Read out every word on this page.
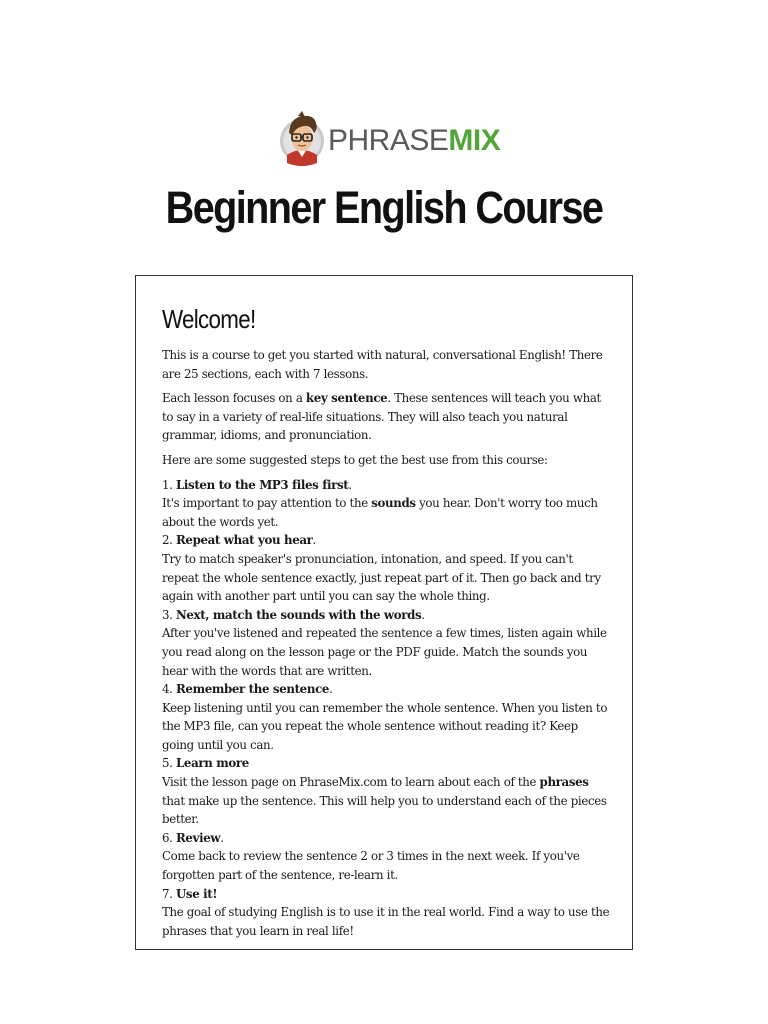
PHRASEMIX
Beginner English Course
Welcome!

This is a course to get you started with natural, conversational English! There are 25 sections, each with 7 lessons.

Each lesson focuses on a key sentence. These sentences will teach you what to say in a variety of real-life situations. They will also teach you natural grammar, idioms, and pronunciation.

Here are some suggested steps to get the best use from this course:

1. Listen to the MP3 files first.

It's important to pay attention to the sounds you hear. Don't worry too much about the words yet.

2. Repeat what you hear.

Try to match speaker's pronunciation, intonation, and speed. If you can't repeat the whole sentence exactly, just repeat part of it. Then go back and try again with another part until you can say the whole thing.

3. Next, match the sounds with the words.

After you've listened and repeated the sentence a few times, listen again while you read along on the lesson page or the PDF guide. Match the sounds you hear with the words that are written.

4. Remember the sentence.

Keep listening until you can remember the whole sentence. When you listen to the MP3 file, can you repeat the whole sentence without reading it? Keep going until you can.

5. Learn more

Visit the lesson page on PhraseMix.com to learn about each of the phrases that make up the sentence. This will help you to understand each of the pieces better.

6. Review.

Come back to review the sentence 2 or 3 times in the next week. If you've forgotten part of the sentence, re-learn it.

7. Use it!

The goal of studying English is to use it in the real world. Find a way to use the phrases that you learn in real life!
